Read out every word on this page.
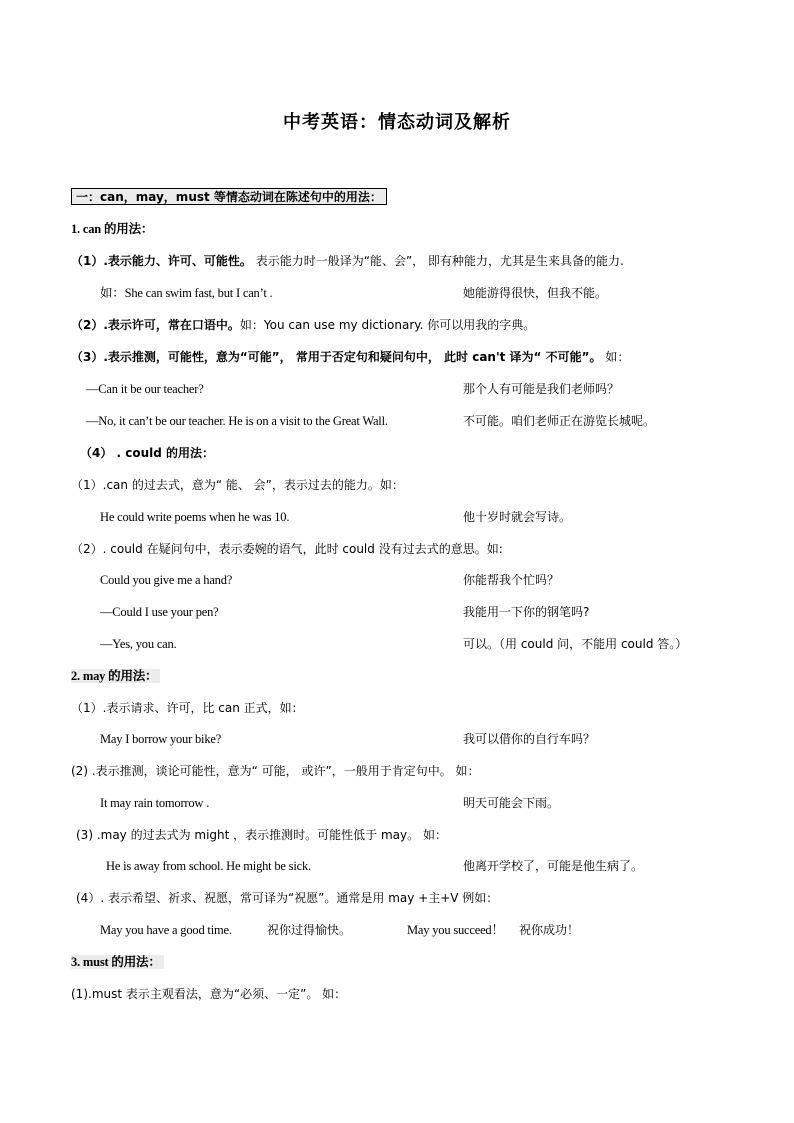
中考英语：情态动词及解析
一：can，may，must 等情态动词在陈述句中的用法：
1. can 的用法：
（1）.表示能力、许可、可能性。 表示能力时一般译为“能、会”， 即有种能力，尤其是生来具备的能力.
如：She can swim fast, but I can’t .	她能游得很快，但我不能。
（2）.表示许可，常在口语中。如：You can use my dictionary. 你可以用我的字典。
（3）.表示推测，可能性，意为“可能”， 常用于否定句和疑问句中， 此时 can't 译为“ 不可能”。 如：
—Can it be our teacher?	那个人有可能是我们老师吗？
—No, it can’t be our teacher. He is on a visit to the Great Wall.	不可能。咱们老师正在游览长城呢。
（4） . could 的用法：
（1）.can 的过去式，意为“ 能、 会”，表示过去的能力。如：
He could write poems when he was 10.	他十岁时就会写诗。
（2）. could 在疑问句中，表示委婉的语气，此时 could 没有过去式的意思。如:
Could you give me a hand?	你能帮我个忙吗？
—Could I use your pen?	我能用一下你的钢笔吗?
—Yes, you can.	可以。（用 could 问，不能用 could 答。）
2. may 的用法：
（1）.表示请求、许可，比 can 正式，如：
May I borrow your bike?	我可以借你的自行车吗？
(2) .表示推测，谈论可能性，意为“ 可能， 或许”，一般用于肯定句中。 如：
It may rain tomorrow .	明天可能会下雨。
(3) .may 的过去式为 might ，表示推测时。可能性低于 may。 如：
He is away from school. He might be sick.	他离开学校了，可能是他生病了。
(4）. 表示希望、祈求、祝愿，常可译为“祝愿”。通常是用 may +主+V 例如：
May you have a good time.	祝你过得愉快。	May you succeed！ 祝你成功！
3. must 的用法：
(1).must 表示主观看法，意为“必须、一定”。 如：
